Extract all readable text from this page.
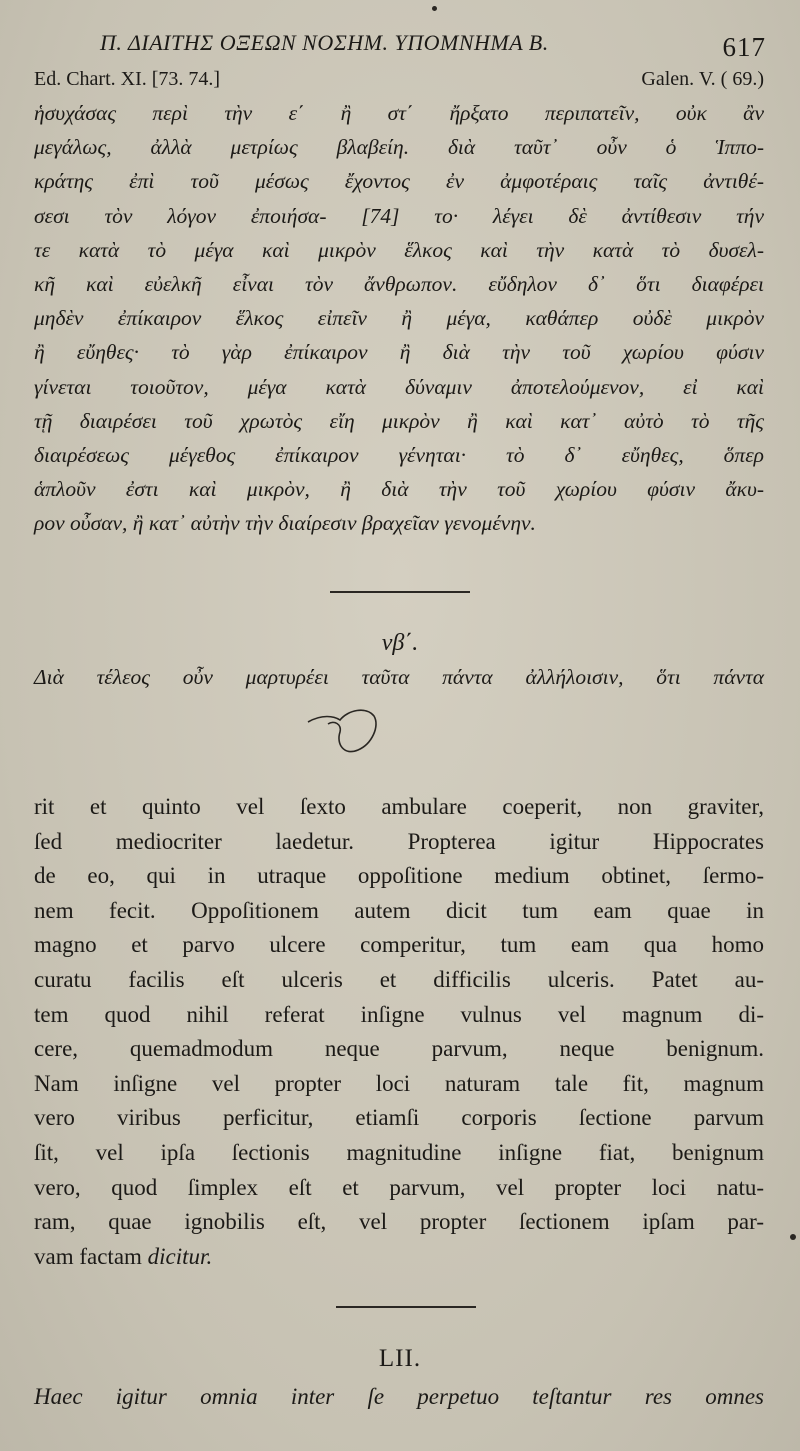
Π. ΔΙΑΙΤΗΣ ΟΞΕΩΝ ΝΟΣΗΜ. ΥΠΟΜΝΗΜΑ Β.	617
Ed. Chart. XI. [73. 74.]	Galen. V. ( 69.)
ἡσυχάσας περὶ τὴν ε΄ ἢ στ΄ ἤρξατο περιπατεῖν, οὐκ ἂν
μεγάλως, ἀλλὰ μετρίως βλαβείη. διὰ ταῦτ᾿ οὖν ὁ Ἱππο-
κράτης ἐπὶ τοῦ μέσως ἔχοντος ἐν ἀμφοτέραις ταῖς ἀντιθέ-
σεσι τὸν λόγον ἐποιήσα- [74] το· λέγει δὲ ἀντίθεσιν τήν
τε κατὰ τὸ μέγα καὶ μικρὸν ἕλκος καὶ τὴν κατὰ τὸ δυσελ-
κῆ καὶ εὐελκῆ εἶναι τὸν ἄνθρωπον. εὔδηλον δ᾿ ὅτι διαφέρει
μηδὲν ἐπίκαιρον ἕλκος εἰπεῖν ἢ μέγα, καθάπερ οὐδὲ μικρὸν
ἢ εὔηθες· τὸ γὰρ ἐπίκαιρον ἢ διὰ τὴν τοῦ χωρίου φύσιν
γίνεται τοιοῦτον, μέγα κατὰ δύναμιν ἀποτελούμενον, εἰ καὶ
τῇ διαιρέσει τοῦ χρωτὸς εἴη μικρὸν ἢ καὶ κατ᾿ αὐτὸ τὸ τῆς
διαιρέσεως μέγεθος ἐπίκαιρον γένηται· τὸ δ᾿ εὔηθες, ὅπερ
ἁπλοῦν ἐστι καὶ μικρὸν, ἢ διὰ τὴν τοῦ χωρίου φύσιν ἄκυ-
ρον οὖσαν, ἢ κατ᾿ αὐτὴν τὴν διαίρεσιν βραχεῖαν γενομένην.
νβ΄.
Διὰ τέλεος οὖν μαρτυρέει ταῦτα πάντα ἀλλήλοισιν, ὅτι πάντα
rit et quinto vel ſexto ambulare coeperit, non graviter,
ſed mediocriter laedetur. Propterea igitur Hippocrates
de eo, qui in utraque oppoſitione medium obtinet, ſermo-
nem fecit. Oppoſitionem autem dicit tum eam quae in
magno et parvo ulcere comperitur, tum eam qua homo
curatu facilis eſt ulceris et difficilis ulceris. Patet au-
tem quod nihil referat inſigne vulnus vel magnum di-
cere, quemadmodum neque parvum, neque benignum.
Nam inſigne vel propter loci naturam tale fit, magnum
vero viribus perficitur, etiamſi corporis ſectione parvum
ſit, vel ipſa ſectionis magnitudine inſigne fiat, benignum
vero, quod ſimplex eſt et parvum, vel propter loci natu-
ram, quae ignobilis eſt, vel propter ſectionem ipſam par-
vam factam dicitur.
LII.
Haec igitur omnia inter ſe perpetuo teſtantur res omnes
